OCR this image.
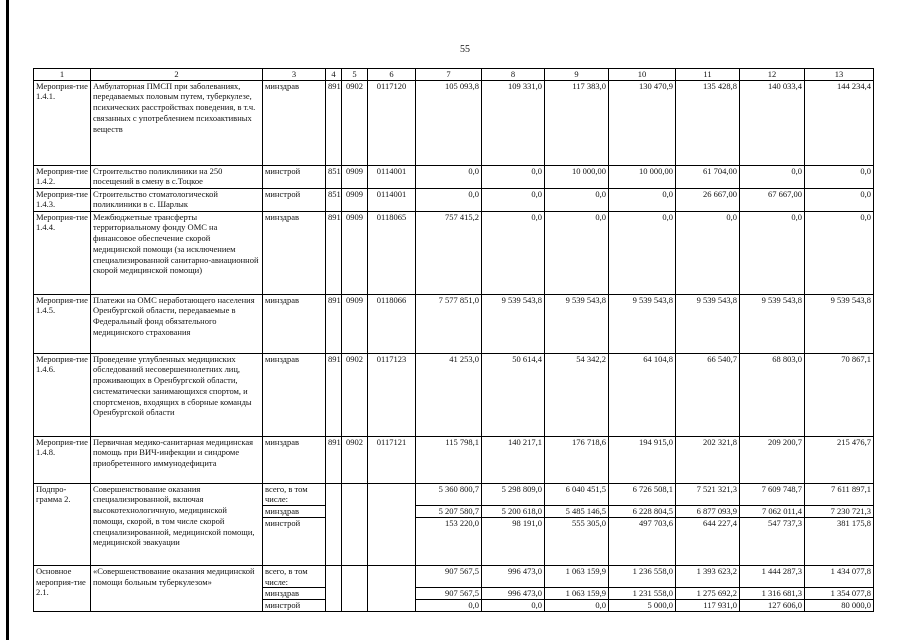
55
1	2	3	4	5	6	7	8	9	10	11	12	13
Мероприя-тие 1.4.1.	Амбулаторная ПМСП при заболеваниях, передаваемых половым путем, туберкулезе, психических расстройствах поведения, в т.ч. связанных с употреблением психоактивных веществ	минздрав	891	0902	0117120	105 093,8	109 331,0	117 383,0	130 470,9	135 428,8	140 033,4	144 234,4
Мероприя-тие 1.4.2.	Строительство поликлиники на 250 посещений в смену в с.Тоцкое	минстрой	851	0909	0114001	0,0	0,0	10 000,00	10 000,00	61 704,00	0,0	0,0
Мероприя-тие 1.4.3.	Строительство стоматологической поликлиники в с. Шарлык	минстрой	851	0909	0114001	0,0	0,0	0,0	0,0	26 667,00	67 667,00	0,0
Мероприя-тие 1.4.4.	Межбюджетные трансферты территориальному фонду ОМС на финансовое обеспечение скорой медицинской помощи (за исключением специализированной санитарно-авиационной скорой медицинской помощи)	минздрав	891	0909	0118065	757 415,2	0,0	0,0	0,0	0,0	0,0	0,0
Мероприя-тие 1.4.5.	Платежи на ОМС неработающего населения Оренбургской области, передаваемые в Федеральный фонд обязательного медицинского страхования	минздрав	891	0909	0118066	7 577 851,0	9 539 543,8	9 539 543,8	9 539 543,8	9 539 543,8	9 539 543,8	9 539 543,8
Мероприя-тие 1.4.6.	Проведение углубленных медицинских обследований несовершеннолетних лиц, проживающих в Оренбургской области, систематически занимающихся спортом, и спортсменов, входящих в сборные команды Оренбургской области	минздрав	891	0902	0117123	41 253,0	50 614,4	54 342,2	64 104,8	66 540,7	68 803,0	70 867,1
Мероприя-тие 1.4.8.	Первичная медико-санитарная медицинская помощь при ВИЧ-инфекции и синдроме приобретенного иммунодефицита	минздрав	891	0902	0117121	115 798,1	140 217,1	176 718,6	194 915,0	202 321,8	209 200,7	215 476,7
Подпро-грамма 2.	Совершенствование оказания специализированной, включая высокотехнологичную, медицинской помощи, скорой, в том числе скорой специализированной, медицинской помощи, медицинской эвакуации	всего, в том числе:				5 360 800,7	5 298 809,0	6 040 451,5	6 726 508,1	7 521 321,3	7 609 748,7	7 611 897,1
		минздрав				5 207 580,7	5 200 618,0	5 485 146,5	6 228 804,5	6 877 093,9	7 062 011,4	7 230 721,3
		минстрой				153 220,0	98 191,0	555 305,0	497 703,6	644 227,4	547 737,3	381 175,8
Основное мероприя-тие 2.1.	«Совершенствование оказания медицинской помощи больным туберкулезом»	всего, в том числе:				907 567,5	996 473,0	1 063 159,9	1 236 558,0	1 393 623,2	1 444 287,3	1 434 077,8
		минздрав				907 567,5	996 473,0	1 063 159,9	1 231 558,0	1 275 692,2	1 316 681,3	1 354 077,8
		минстрой				0,0	0,0	0,0	5 000,0	117 931,0	127 606,0	80 000,0
